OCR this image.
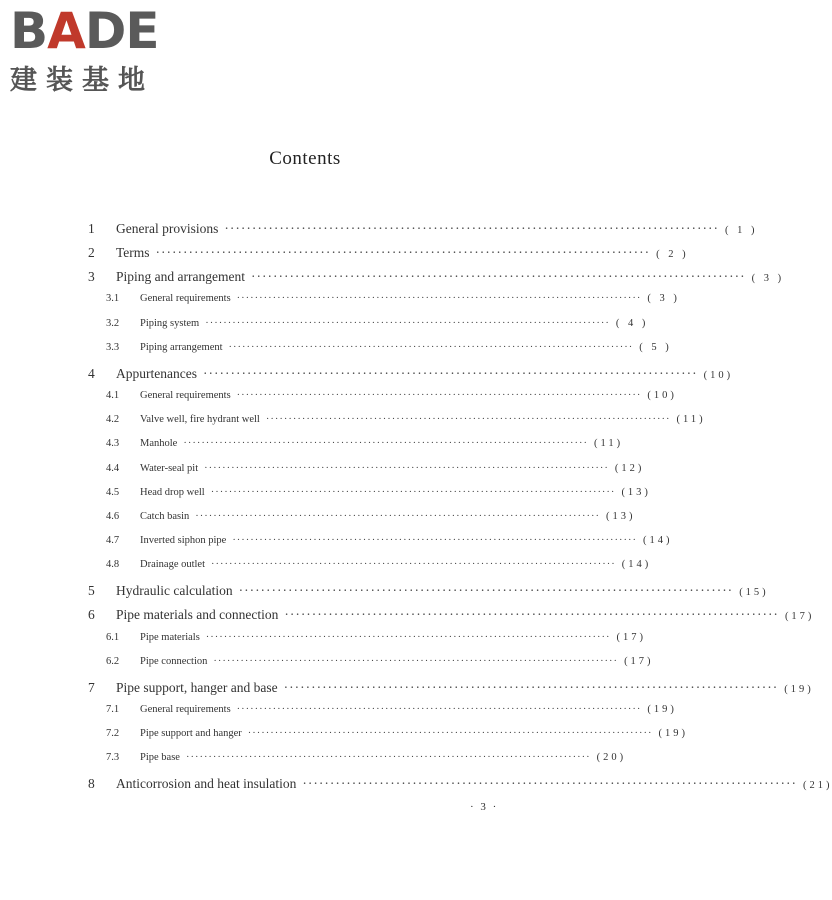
BADE
建装基地
Contents
1	General provisions ·························································································· ( 1 )
2	Terms ·························································································· ( 2 )
3	Piping and arrangement ·························································································· ( 3 )
3.1	General requirements ·························································································· ( 3 )
3.2	Piping system ·························································································· ( 4 )
3.3	Piping arrangement ·························································································· ( 5 )
4	Appurtenances ·························································································· (10)
4.1	General requirements ·························································································· (10)
4.2	Valve well, fire hydrant well ·························································································· (11)
4.3	Manhole ·························································································· (11)
4.4	Water-seal pit ·························································································· (12)
4.5	Head drop well ·························································································· (13)
4.6	Catch basin ·························································································· (13)
4.7	Inverted siphon pipe ·························································································· (14)
4.8	Drainage outlet ·························································································· (14)
5	Hydraulic calculation ·························································································· (15)
6	Pipe materials and connection ·························································································· (17)
6.1	Pipe materials ·························································································· (17)
6.2	Pipe connection ·························································································· (17)
7	Pipe support, hanger and base ·························································································· (19)
7.1	General requirements ·························································································· (19)
7.2	Pipe support and hanger ·························································································· (19)
7.3	Pipe base ·························································································· (20)
8	Anticorrosion and heat insulation ·························································································· (21)
· 3 ·
